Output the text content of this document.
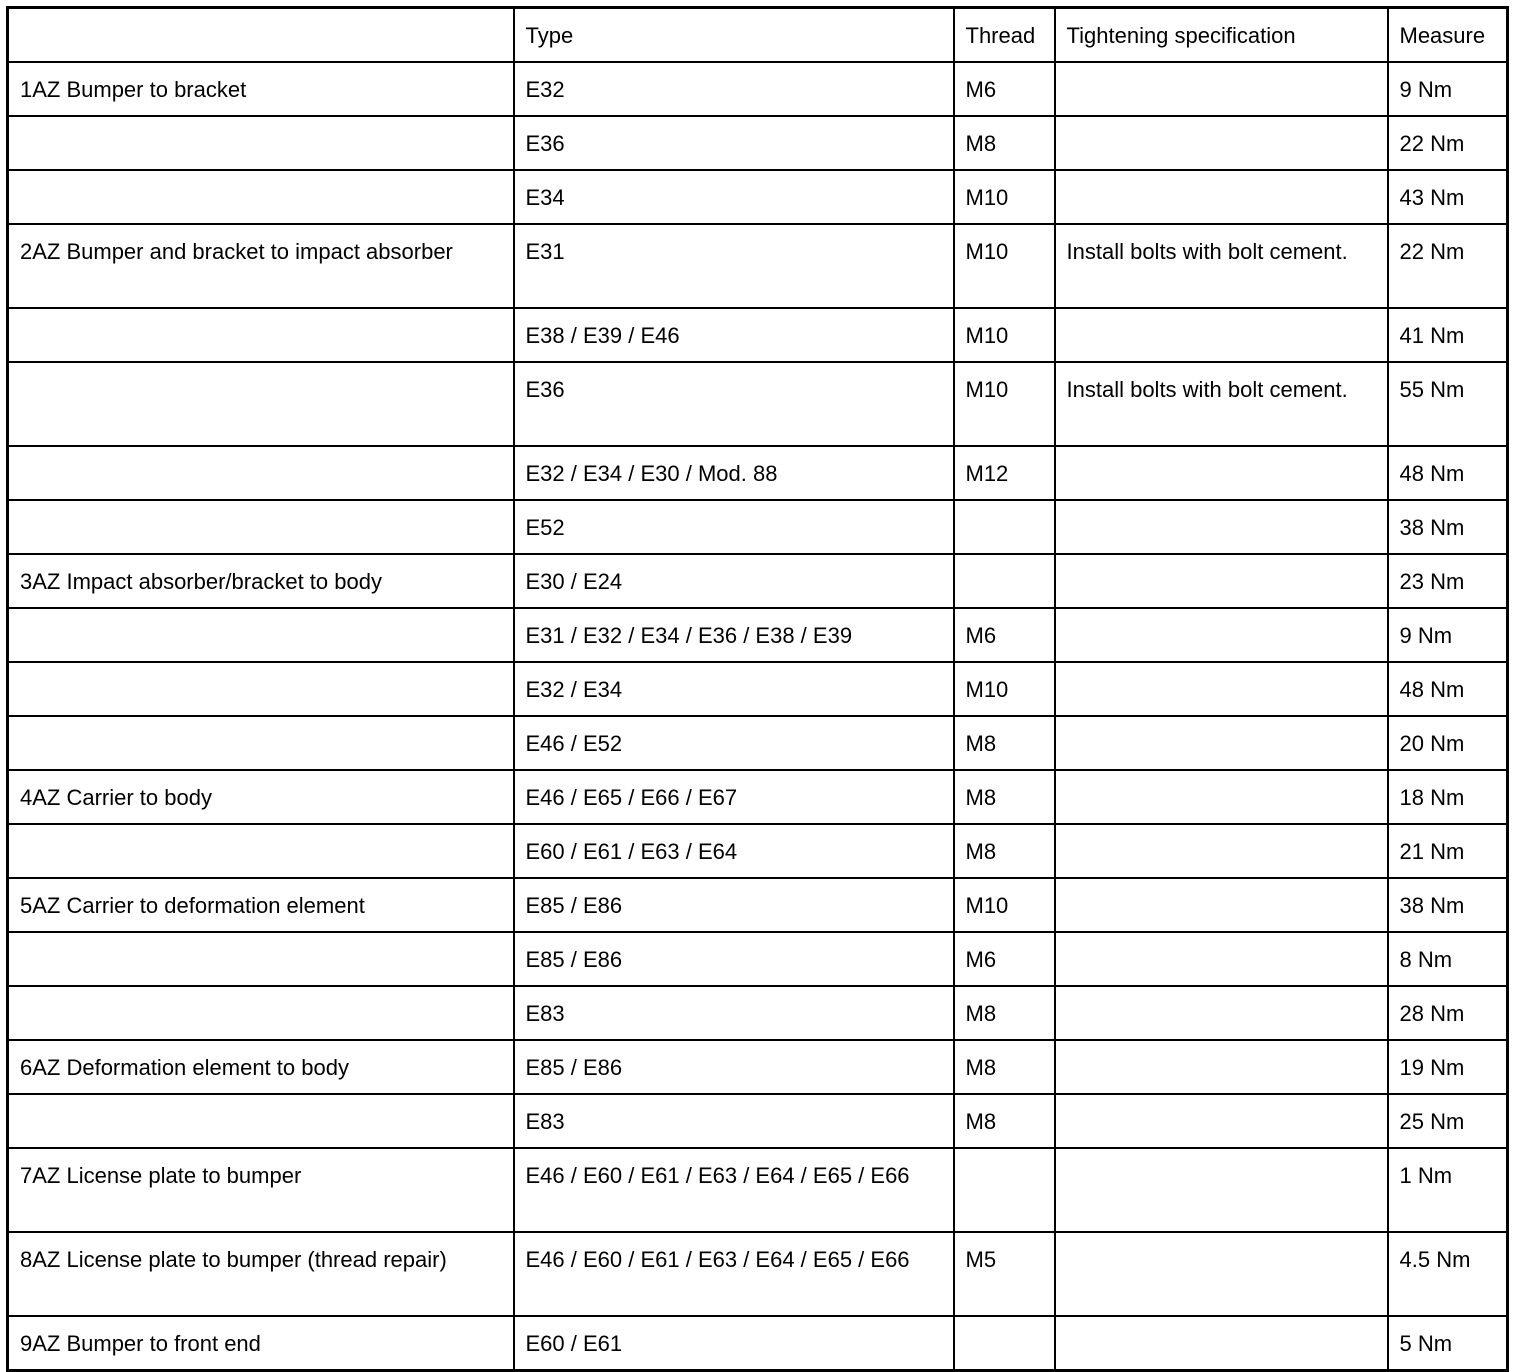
	Type	Thread	Tightening specification	Measure
1AZ Bumper to bracket	E32	M6		9 Nm
	E36	M8		22 Nm
	E34	M10		43 Nm
2AZ Bumper and bracket to impact absorber	E31	M10	Install bolts with bolt cement.	22 Nm
	E38 / E39 / E46	M10		41 Nm
	E36	M10	Install bolts with bolt cement.	55 Nm
	E32 / E34 / E30 / Mod. 88	M12		48 Nm
	E52			38 Nm
3AZ Impact absorber/bracket to body	E30 / E24			23 Nm
	E31 / E32 / E34 / E36 / E38 / E39	M6		9 Nm
	E32 / E34	M10		48 Nm
	E46 / E52	M8		20 Nm
4AZ Carrier to body	E46 / E65 / E66 / E67	M8		18 Nm
	E60 / E61 / E63 / E64	M8		21 Nm
5AZ Carrier to deformation element	E85 / E86	M10		38 Nm
	E85 / E86	M6		8 Nm
	E83	M8		28 Nm
6AZ Deformation element to body	E85 / E86	M8		19 Nm
	E83	M8		25 Nm
7AZ License plate to bumper	E46 / E60 / E61 / E63 / E64 / E65 / E66			1 Nm
8AZ License plate to bumper (thread repair)	E46 / E60 / E61 / E63 / E64 / E65 / E66	M5		4.5 Nm
9AZ Bumper to front end	E60 / E61			5 Nm
